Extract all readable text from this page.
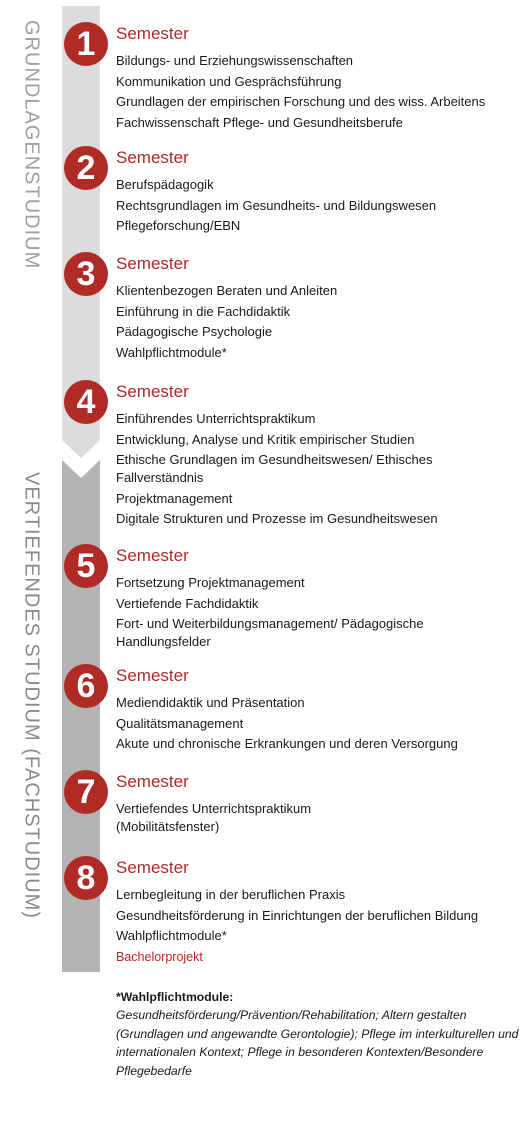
GRUNDLAGENSTUDIUM
VERTIEFENDES STUDIUM (FACHSTUDIUM)
1	Semester
Bildungs- und Erziehungswissenschaften
Kommunikation und Gesprächsführung
Grundlagen der empirischen Forschung und des wiss. Arbeitens
Fachwissenschaft Pflege- und Gesundheitsberufe
2	Semester
Berufspädagogik
Rechtsgrundlagen im Gesundheits- und Bildungswesen
Pflegeforschung/EBN
3	Semester
Klientenbezogen Beraten und Anleiten
Einführung in die Fachdidaktik
Pädagogische Psychologie
Wahlpflichtmodule*
4	Semester
Einführendes Unterrichtspraktikum
Entwicklung, Analyse und Kritik empirischer Studien
Ethische Grundlagen im Gesundheitswesen/ Ethisches Fallverständnis
Projektmanagement
Digitale Strukturen und Prozesse im Gesundheitswesen
5	Semester
Fortsetzung Projektmanagement
Vertiefende Fachdidaktik
Fort- und Weiterbildungsmanagement/ Pädagogische Handlungsfelder
6	Semester
Mediendidaktik und Präsentation
Qualitätsmanagement
Akute und chronische Erkrankungen und deren Versorgung
7	Semester
Vertiefendes Unterrichtspraktikum (Mobilitätsfenster)
8	Semester
Lernbegleitung in der beruflichen Praxis
Gesundheitsförderung in Einrichtungen der beruflichen Bildung
Wahlpflichtmodule*
Bachelorprojekt
*Wahlpflichtmodule:
Gesundheitsförderung/Prävention/Rehabilitation; Altern gestalten (Grundlagen und angewandte Gerontologie); Pflege im interkulturellen und internationalen Kontext; Pflege in besonderen Kontexten/Besondere Pflegebedarfe
